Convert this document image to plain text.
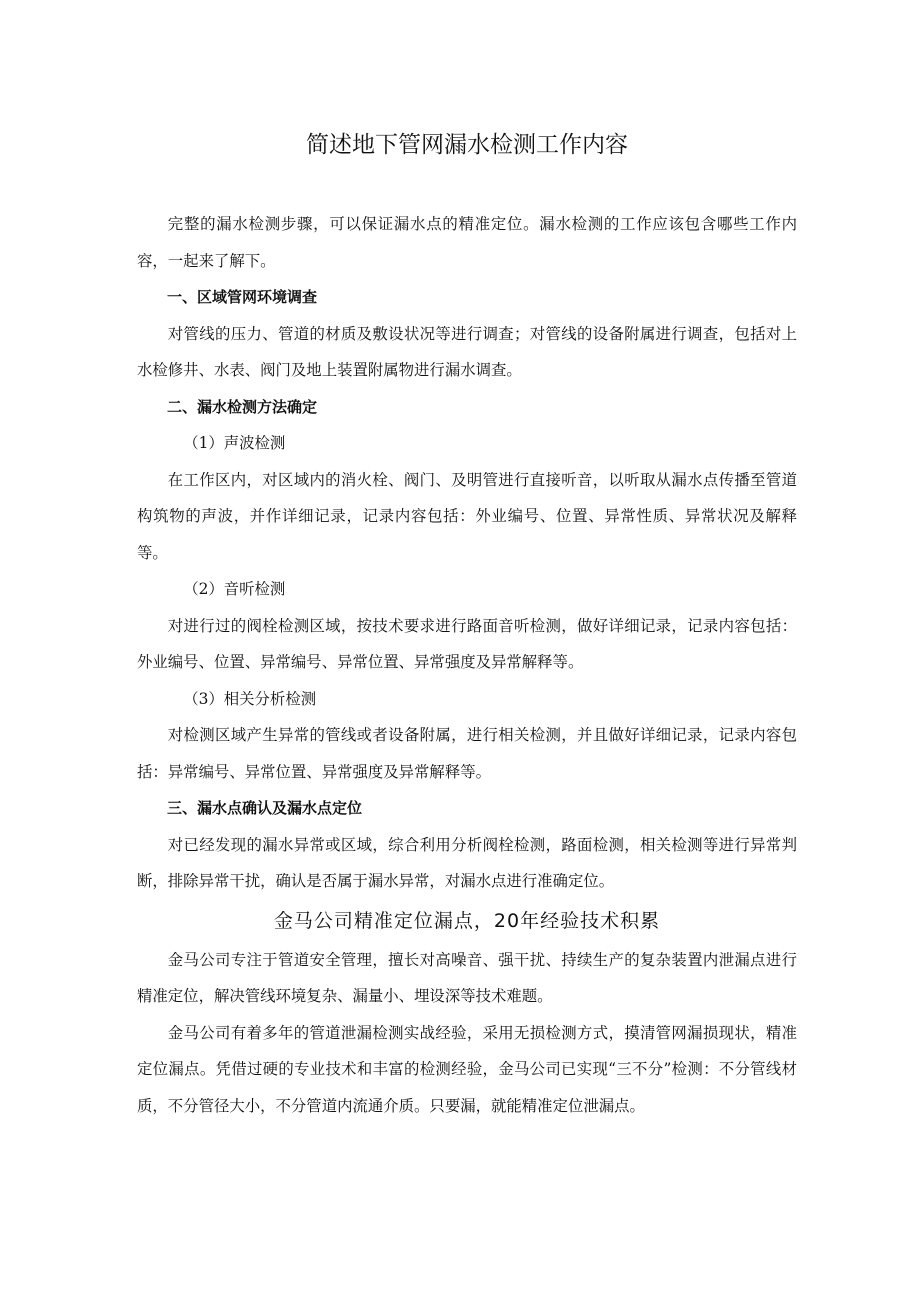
简述地下管网漏水检测工作内容

完整的漏水检测步骤，可以保证漏水点的精准定位。漏水检测的工作应该包含哪些工作内容，一起来了解下。

一、区域管网环境调查

对管线的压力、管道的材质及敷设状况等进行调查；对管线的设备附属进行调查，包括对上水检修井、水表、阀门及地上装置附属物进行漏水调查。

二、漏水检测方法确定

（1）声波检测

在工作区内，对区域内的消火栓、阀门、及明管进行直接听音，以听取从漏水点传播至管道构筑物的声波，并作详细记录，记录内容包括：外业编号、位置、异常性质、异常状况及解释等。

（2）音听检测

对进行过的阀栓检测区域，按技术要求进行路面音听检测，做好详细记录，记录内容包括：外业编号、位置、异常编号、异常位置、异常强度及异常解释等。

（3）相关分析检测

对检测区域产生异常的管线或者设备附属，进行相关检测，并且做好详细记录，记录内容包括：异常编号、异常位置、异常强度及异常解释等。

三、漏水点确认及漏水点定位

对已经发现的漏水异常或区域，综合利用分析阀栓检测，路面检测，相关检测等进行异常判断，排除异常干扰，确认是否属于漏水异常，对漏水点进行准确定位。

金马公司精准定位漏点，20年经验技术积累

金马公司专注于管道安全管理，擅长对高噪音、强干扰、持续生产的复杂装置内泄漏点进行精准定位，解决管线环境复杂、漏量小、埋设深等技术难题。

金马公司有着多年的管道泄漏检测实战经验，采用无损检测方式，摸清管网漏损现状，精准定位漏点。凭借过硬的专业技术和丰富的检测经验，金马公司已实现“三不分”检测：不分管线材质，不分管径大小，不分管道内流通介质。只要漏，就能精准定位泄漏点。
